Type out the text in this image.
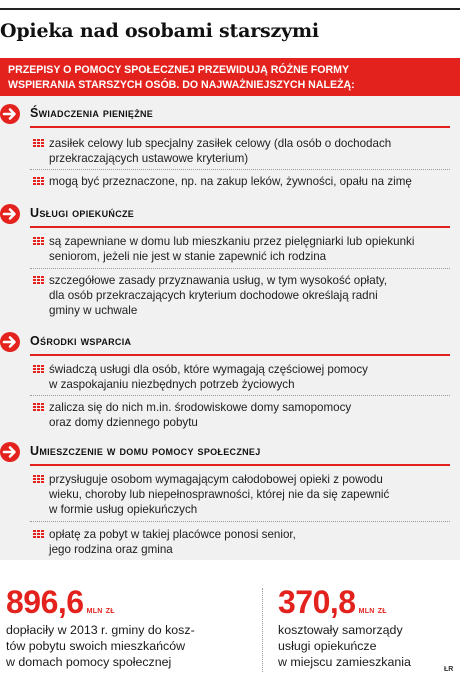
Opieka nad osobami starszymi
PRZEPISY O POMOCY SPOŁECZNEJ PRZEWIDUJĄ RÓŻNE FORMY
WSPIERANIA STARSZYCH OSÓB. DO NAJWAŻNIEJSZYCH NALEŻĄ:
Świadczenia pieniężne
zasiłek celowy lub specjalny zasiłek celowy (dla osób o dochodach
przekraczających ustawowe kryterium)
mogą być przeznaczone, np. na zakup leków, żywności, opału na zimę
Usługi opiekuńcze
są zapewniane w domu lub mieszkaniu przez pielęgniarki lub opiekunki
seniorom, jeżeli nie jest w stanie zapewnić ich rodzina
szczegółowe zasady przyznawania usług, w tym wysokość opłaty,
dla osób przekraczających kryterium dochodowe określają radni
gminy w uchwale
Ośrodki wsparcia
świadczą usługi dla osób, które wymagają częściowej pomocy
w zaspokajaniu niezbędnych potrzeb życiowych
zalicza się do nich m.in. środowiskowe domy samopomocy
oraz domy dziennego pobytu
Umieszczenie w domu pomocy społecznej
przysługuje osobom wymagającym całodobowej opieki z powodu
wieku, choroby lub niepełnosprawności, której nie da się zapewnić
w formie usług opiekuńczych
opłatę za pobyt w takiej placówce ponosi senior,
jego rodzina oraz gmina
896,6 mln zł
dopłaciły w 2013 r. gminy do kosz-
tów pobytu swoich mieszkańców
w domach pomocy społecznej
370,8 mln zł
kosztowały samorządy
usługi opiekuńcze
w miejscu zamieszkania
ŁR
